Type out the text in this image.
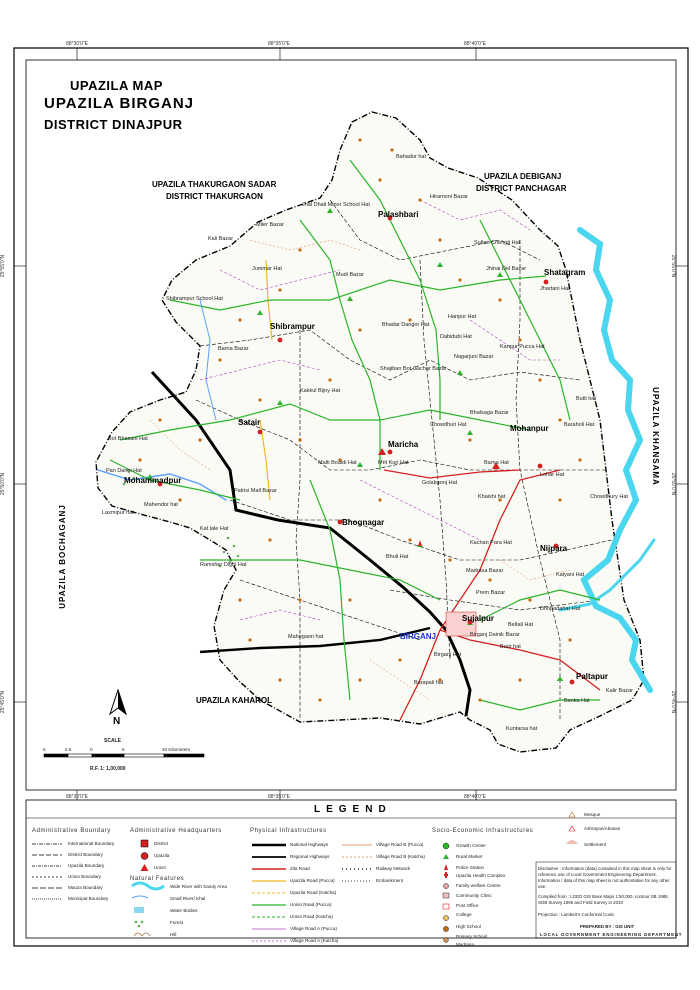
UPAZILA MAP
UPAZILA BIRGANJ
DISTRICT DINAJPUR
88°30'0"E	88°35'0"E	88°40'0"E
88°30'0"E	88°35'0"E	88°40'0"E
25°55'0"N
25°50'0"N
25°45'0"N
25°55'0"N
25°50'0"N
25°45'0"N
UPAZILA THAKURGAON SADAR
DISTRICT THAKURGAON
UPAZILA DEBIGANJ
DISTRICT PANCHAGAR
UPAZILA KHANSAMA
UPAZILA BOCHAGANJ
UPAZILA KAHAROL
Palashbari
Shatagram
Shibrampur
Satair
Maricha
Mohanpur
Mohammadpur
Bhognagar
Nijpara
Sujalpur
Paltapur
BIRGANJ
Bahadur hat
Hiramoni Bazar
Jhal Dhali Minor School Hat
Miler Bazar
Kali Bazar
Sultan Chengti Hat
Jummar Hat
Mudi Bazar
Jhinai Del Bazar
Jhartani Hat
Shibrampur School Hat
Haripur Hat
Bhadar Dangor Hat
Dabidubi Hat
Kanpur Pucca Hat
Barna Bazar
Nagarjuni Bazar
Shajiban Bot Gachar Bazar
Kakkul Bijoy Hat
Bhalsaga Bazar
Butli hat
Chowdhuri Hat	Baraholi Hat
Bot Bhasani Hat
Lohar Hat
Malti Boaldi Hat	Mrit Kuri Hat	Barna Hat
Golabgonj Hat
Khaishi hat
Patrisi Mall Bazar
Pan Dangi Hat
Laxmipur hat
Mahendor hat
Chowdhury Hat
Kat lale Hat
Kachan Para Hat
Madrasa Bazar
Kalyani Hat
Prem Bazar
Bhuli Hat
Dhopadahar Hat
Beltali Hat
Birganj Dainik Bazar
Birganj Hat
Mahegaon hat
Burir hat
Kalir Bazar
Banka Hat
Kuntarsa hat
Barapali hat
Ramsher Dighi Hat
N
SCALE
5	2.5	0	5	10 Kilometers
R.F. 1: 1,00,000
LEGEND
Administrative Boundary
International Boundary
District Boundary
Upazila Boundary
Union Boundary
Mauza Boundary
Municipal Boundary
Administrative Headquarters
District
Upazila
Union
Natural Features
Wide River with Sandy Area
Small River/ Khal
Water Bodies
Forest
Hill
Physical Infrastructures
National Highways
Regional Highways
Zila Road
Upazila Road (Pucca)
Upazila Road (Katcha)
Union Road (Pucca)
Union Road (Katcha)
Village Road A (Pucca)
Village Road A (Katcha)
Village Road B (Pucca)
Village Road B (Katcha)
Railway Network
Embankment
Socio-Economic Infrastructures
Growth Center
Rural Market
Police Station
Upazila Health Complex
Family welfare Centre
Community Clinic
Post Office
College
High School
Primary School
Madrasa
Mosque
Ashrayan/Abasan
Settlement
Disclaimer : Information (data) contained in this map sheet is only for reference use of Local Government Engineering Department. Information / data of this map sheet is not authoritative for any other use.
Compiled from : LGED GIS Base Maps 1:50,000, contour SB 1988, SOB Survey 1996 and Field Survey in 2010
Projection : Lambert's Conformal Conic
PREPARED BY : GIS UNIT
LOCAL GOVERNMENT ENGINEERING DEPARTMENT
